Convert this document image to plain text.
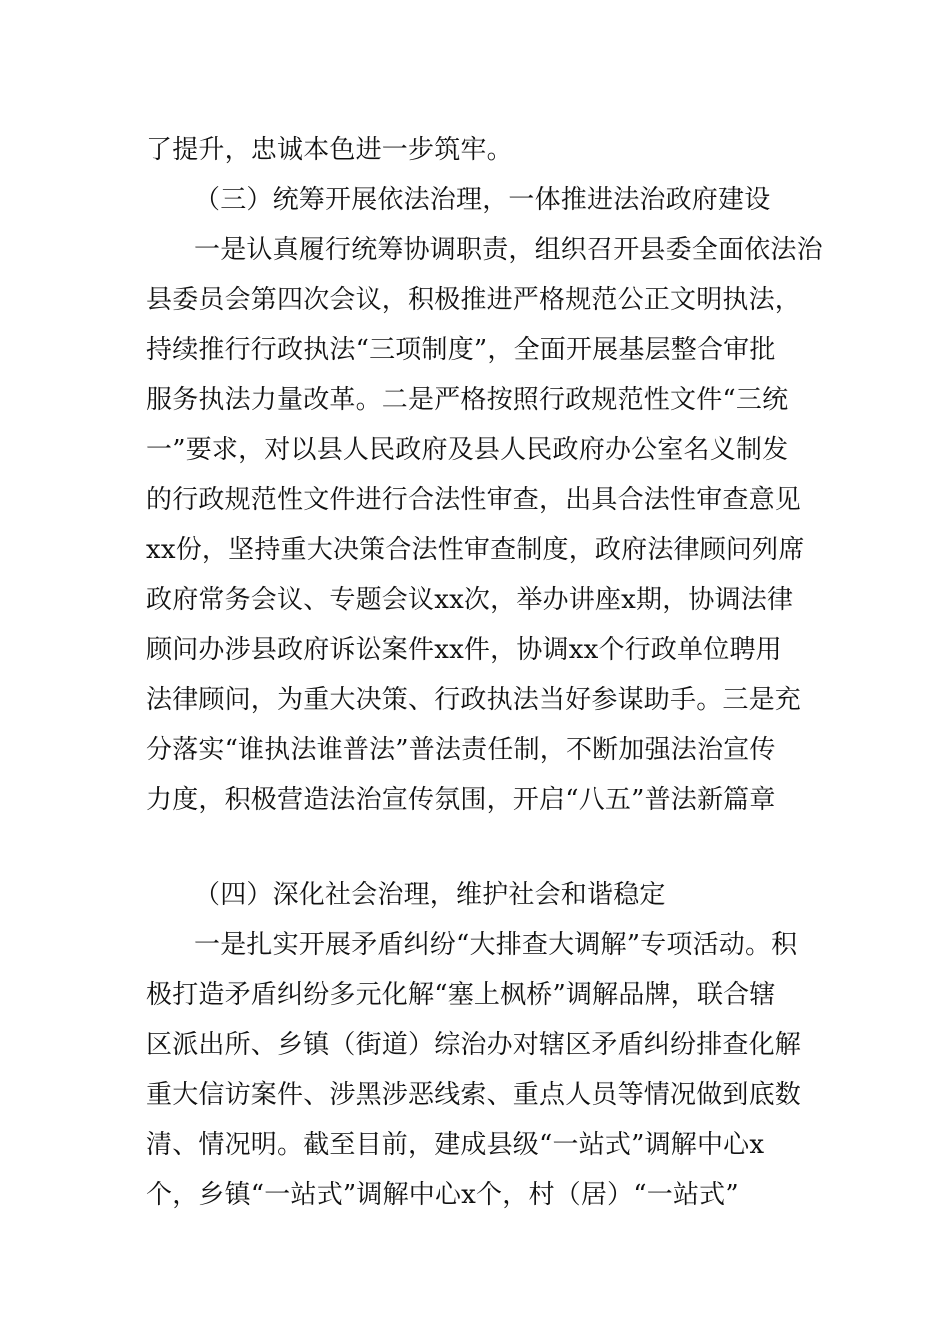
了提升，忠诚本色进一步筑牢。
（三）统筹开展依法治理，一体推进法治政府建设
一是认真履行统筹协调职责，组织召开县委全面依法治
县委员会第四次会议，积极推进严格规范公正文明执法，
持续推行行政执法“三项制度”，全面开展基层整合审批
服务执法力量改革。二是严格按照行政规范性文件“三统
一”要求，对以县人民政府及县人民政府办公室名义制发
的行政规范性文件进行合法性审查，出具合法性审查意见
xx份，坚持重大决策合法性审查制度，政府法律顾问列席
政府常务会议、专题会议xx次，举办讲座x期，协调法律
顾问办涉县政府诉讼案件xx件，协调xx个行政单位聘用
法律顾问，为重大决策、行政执法当好参谋助手。三是充
分落实“谁执法谁普法”普法责任制，不断加强法治宣传
力度，积极营造法治宣传氛围，开启“八五”普法新篇章
（四）深化社会治理，维护社会和谐稳定
一是扎实开展矛盾纠纷“大排查大调解”专项活动。积
极打造矛盾纠纷多元化解“塞上枫桥”调解品牌，联合辖
区派出所、乡镇（街道）综治办对辖区矛盾纠纷排查化解
重大信访案件、涉黑涉恶线索、重点人员等情况做到底数
清、情况明。截至目前，建成县级“一站式”调解中心x
个，乡镇“一站式”调解中心x个，村（居）“一站式”
